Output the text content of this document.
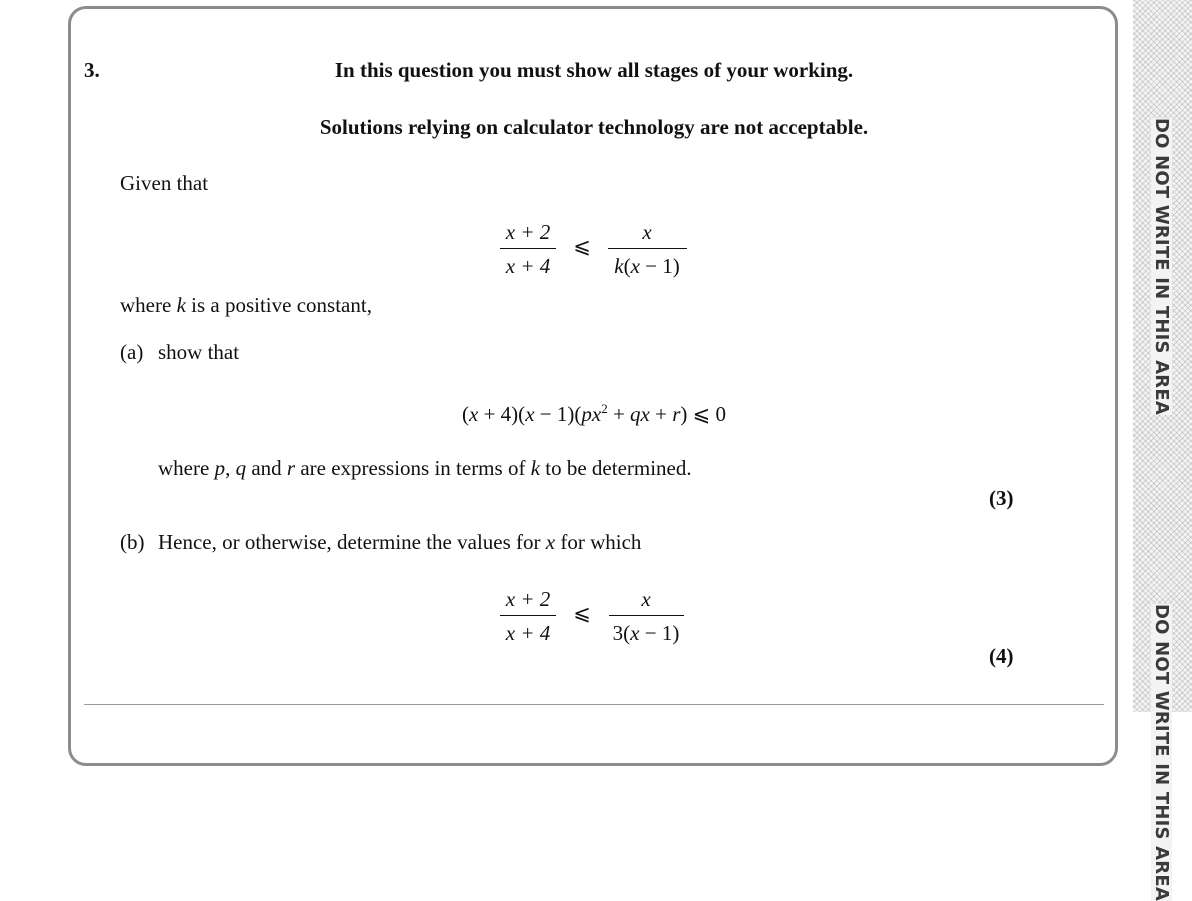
3.	In this question you must show all stages of your working.
Solutions relying on calculator technology are not acceptable.
Given that
x + 2
x + 4
⩽
x
k(x − 1)
where k is a positive constant,
(a) show that
$(x + 4)(x - 1)(px^2$ + qx + r) ⩽ 0
where p, q and r are expressions in terms of k to be determined.
(3)
(b) Hence, or otherwise, determine the values for x for which
x + 2
x + 4
⩽
x
3(x − 1)
(4)
DO NOT WRITE IN THIS AREA
DO NOT WRITE IN THIS AREA
